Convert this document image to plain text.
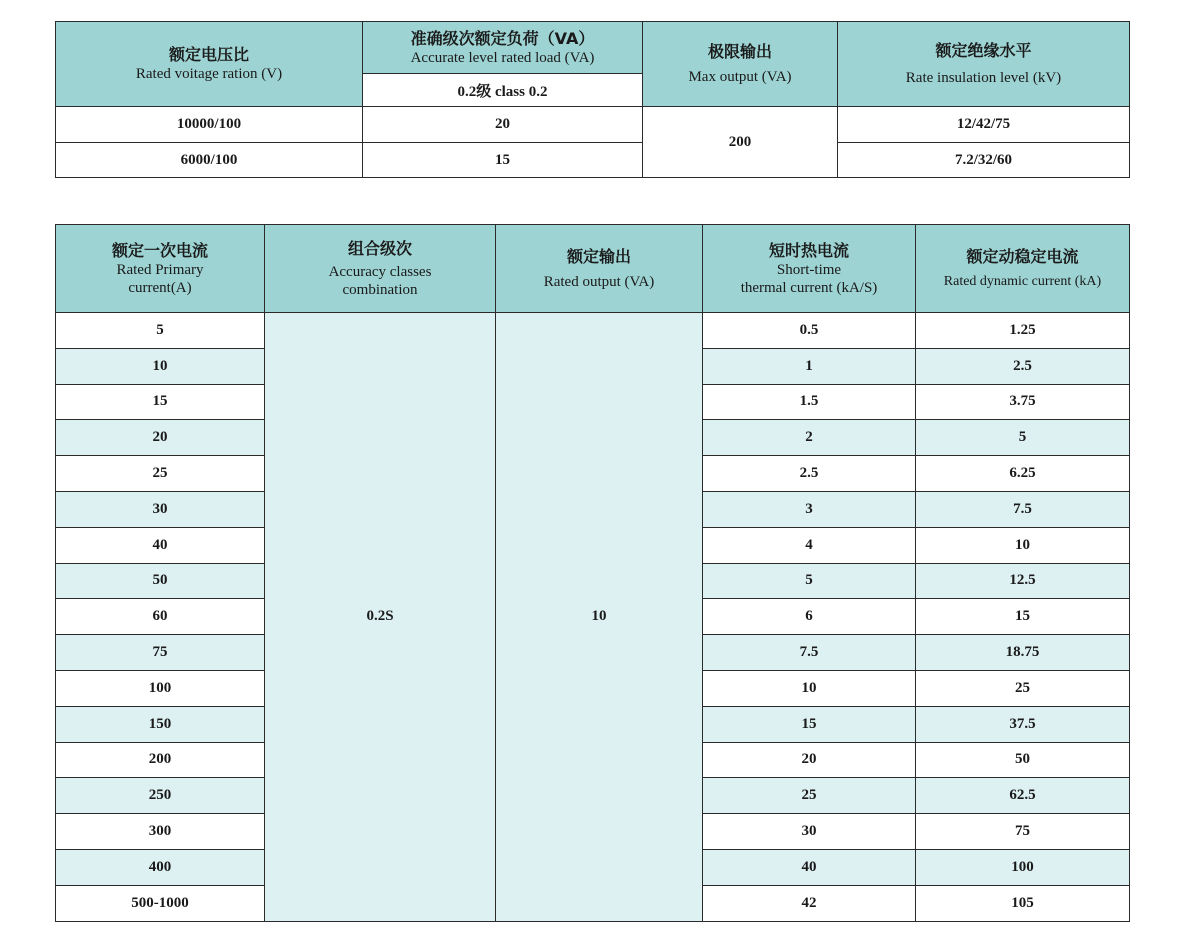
额定电压比
Rated voitage ration (V)	准确级次额定负荷（VA）
Accurate level rated load (VA)	极限输出
Max output (VA)	额定绝缘水平
Rate insulation level (kV)

	0.2级 class 0.2		
10000/100	20	200	12/42/75
6000/100	15		7.2/32/60
额定一次电流
Rated Primary
current(A)	组合级次
Accuracy classes
combination	额定输出
Rated output (VA)	短时热电流
Short-time
thermal current (kA/S)	额定动稳定电流
Rated dynamic current (kA)

5	0.2S	10	0.5	1.25
10			1	2.5
15			1.5	3.75
20			2	5
25			2.5	6.25
30			3	7.5
40			4	10
50			5	12.5
60			6	15
75			7.5	18.75
100			10	25
150			15	37.5
200			20	50
250			25	62.5
300			30	75
400			40	100
500-1000			42	105
